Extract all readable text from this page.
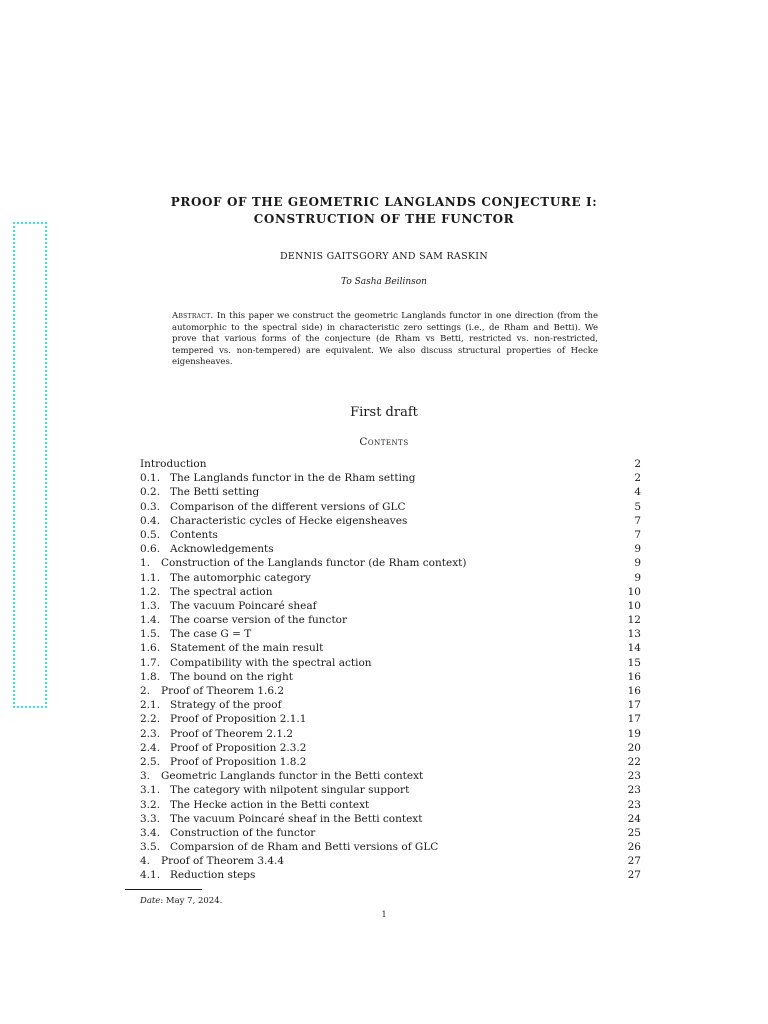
PROOF OF THE GEOMETRIC LANGLANDS CONJECTURE I:
CONSTRUCTION OF THE FUNCTOR
DENNIS GAITSGORY AND SAM RASKIN
To Sasha Beilinson
Abstract. In this paper we construct the geometric Langlands functor in one direction (from the automorphic to the spectral side) in characteristic zero settings (i.e., de Rham and Betti). We prove that various forms of the conjecture (de Rham vs Betti, restricted vs. non-restricted, tempered vs. non-tempered) are equivalent. We also discuss structural properties of Hecke eigensheaves.
First draft
Contents
Introduction	2
0.1. The Langlands functor in the de Rham setting	2
0.2. The Betti setting	4
0.3. Comparison of the different versions of GLC	5
0.4. Characteristic cycles of Hecke eigensheaves	7
0.5. Contents	7
0.6. Acknowledgements	9
1.	Construction of the Langlands functor (de Rham context)	9
1.1. The automorphic category	9
1.2. The spectral action	10
1.3. The vacuum Poincaré sheaf	10
1.4. The coarse version of the functor	12
1.5. The case G = T	13
1.6. Statement of the main result	14
1.7. Compatibility with the spectral action	15
1.8. The bound on the right	16
2.	Proof of Theorem 1.6.2	16
2.1. Strategy of the proof	17
2.2. Proof of Proposition 2.1.1	17
2.3. Proof of Theorem 2.1.2	19
2.4. Proof of Proposition 2.3.2	20
2.5. Proof of Proposition 1.8.2	22
3.	Geometric Langlands functor in the Betti context	23
3.1. The category with nilpotent singular support	23
3.2. The Hecke action in the Betti context	23
3.3. The vacuum Poincaré sheaf in the Betti context	24
3.4. Construction of the functor	25
3.5. Comparsion of de Rham and Betti versions of GLC	26
4.	Proof of Theorem 3.4.4	27
4.1. Reduction steps	27
Date: May 7, 2024.
1
